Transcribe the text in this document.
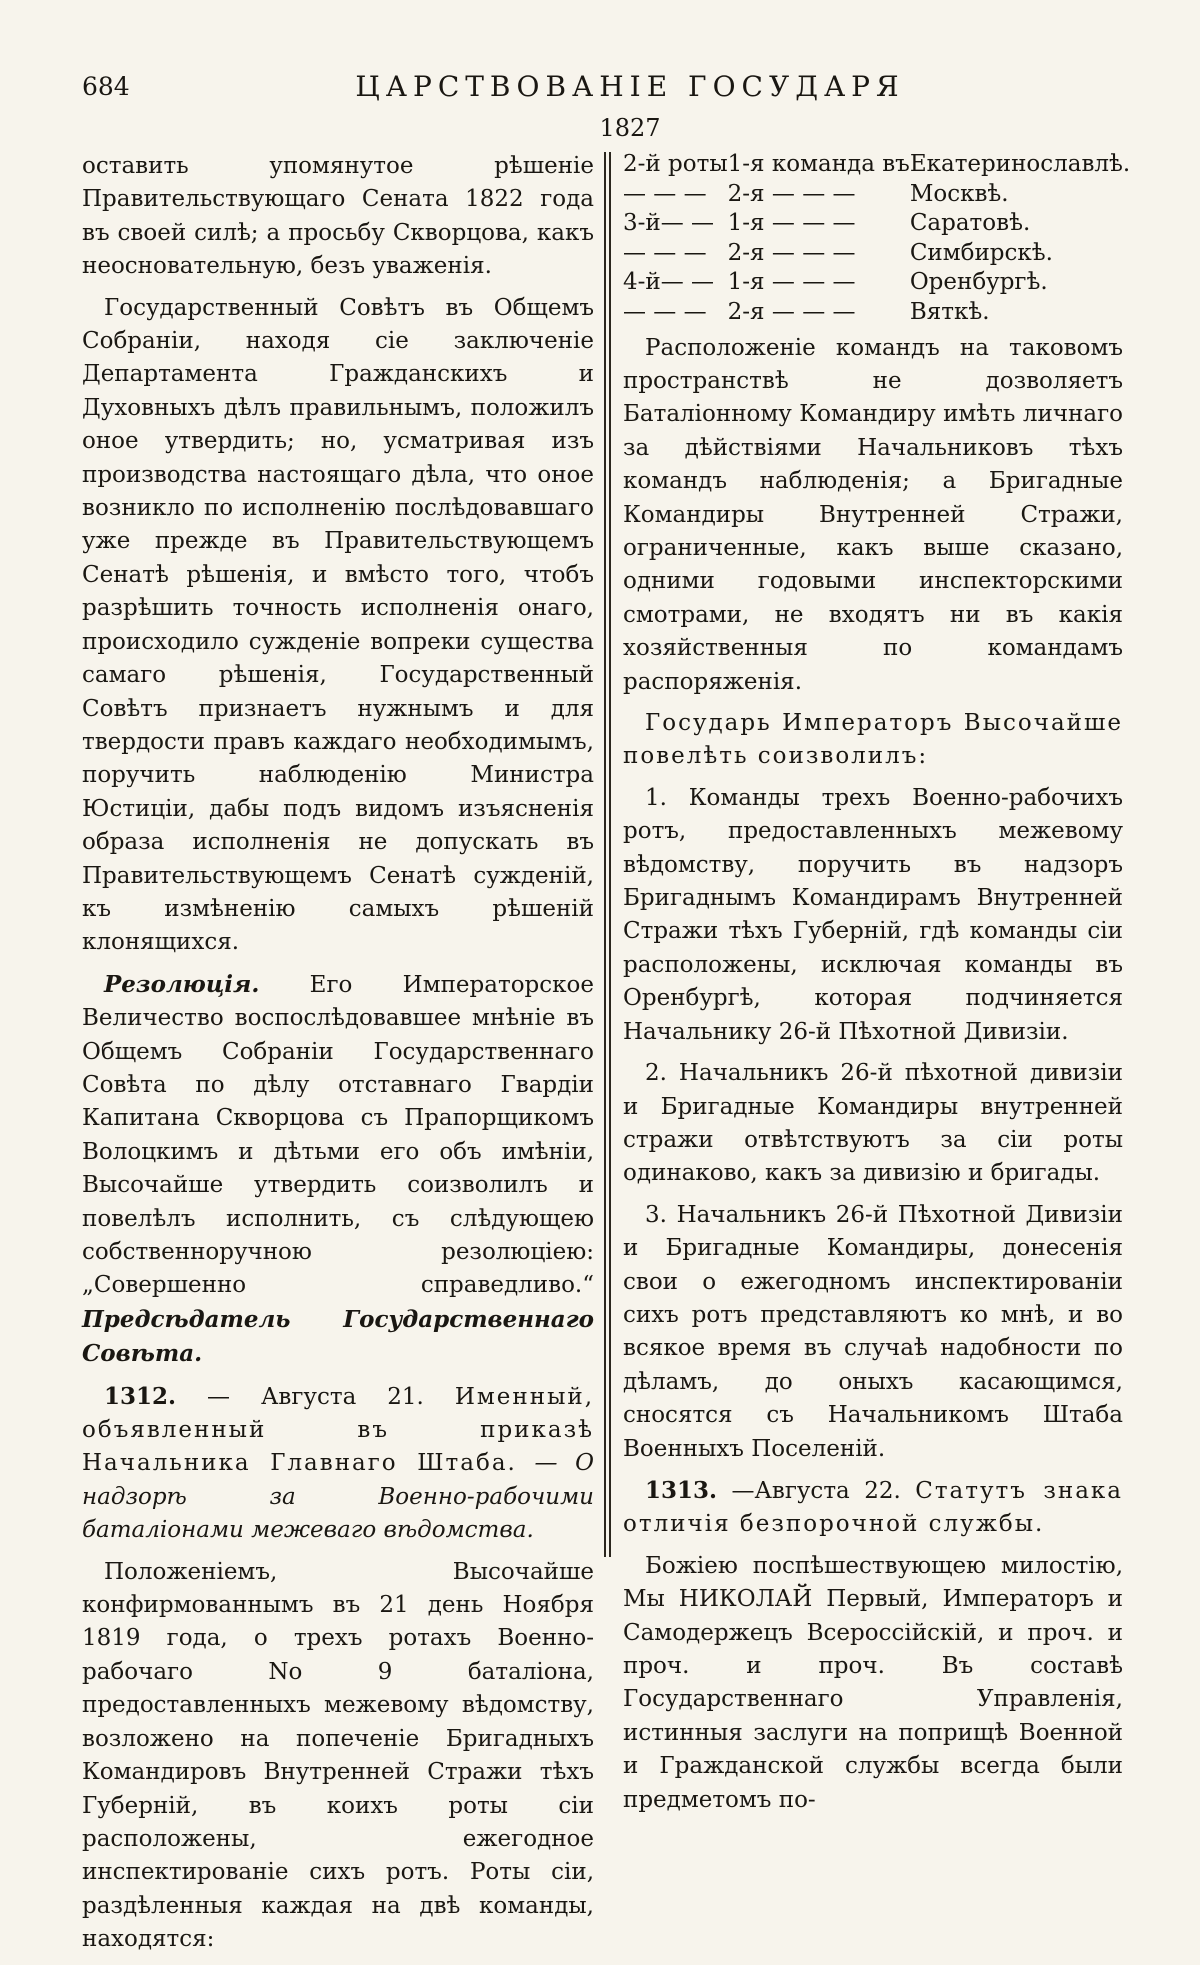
684	ЦАРСТВОВАНІЕ ГОСУДАРЯ
1827

оставить упомянутое рѣшеніе Правительствующаго Сената 1822 года въ своей силѣ; а просьбу Скворцова, какъ неосновательную, безъ уваженія.

Государственный Совѣтъ въ Общемъ Собраніи, находя сіе заключеніе Департамента Гражданскихъ и Духовныхъ дѣлъ правильнымъ, положилъ оное утвердить; но, усматривая изъ производства настоящаго дѣла, что оное возникло по исполненію послѣдовавшаго уже прежде въ Правительствующемъ Сенатѣ рѣшенія, и вмѣсто того, чтобъ разрѣшить точность исполненія онаго, происходило сужденіе вопреки существа самаго рѣшенія, Государственный Совѣтъ признаетъ нужнымъ и для твердости правъ каждаго необходимымъ, поручить наблюденію Министра Юстиціи, дабы подъ видомъ изъясненія образа исполненія не допускать въ Правительствующемъ Сенатѣ сужденій, къ измѣненію самыхъ рѣшеній клонящихся.

Резолюція. Его Императорское Величество воспослѣдовавшее мнѣніе въ Общемъ Собраніи Государственнаго Совѣта по дѣлу отставнаго Гвардіи Капитана Скворцова съ Прапорщикомъ Волоцкимъ и дѣтьми его объ имѣніи, Высочайше утвердить соизволилъ и повелѣлъ исполнить, съ слѣдующею собственноручною резолюціею: „Совершенно справедливо.“ Предсѣдатель Государственнаго Совѣта.

1312. — Августа 21. Именный, объявленный въ приказѣ Начальника Главнаго Штаба. — О надзорѣ за Военно-рабочими баталіонами межеваго вѣдомства.

Положеніемъ, Высочайше конфирмованнымъ въ 21 день Ноября 1819 года, о трехъ ротахъ Военно-рабочаго No 9 баталіона, предоставленныхъ межевому вѣдомству, возложено на попеченіе Бригадныхъ Командировъ Внутренней Стражи тѣхъ Губерній, въ коихъ роты сіи расположены, ежегодное инспектированіе сихъ ротъ. Роты сіи, раздѣленныя каждая на двѣ команды, находятся:

2-й роты	1-я команда въ	Екатеринославлѣ.
— — —	2-я — — —	Москвѣ.
3-й— —	1-я — — —	Саратовѣ.
— — —	2-я — — —	Симбирскѣ.
4-й— —	1-я — — —	Оренбургѣ.
— — —	2-я — — —	Вяткѣ.

Расположеніе командъ на таковомъ пространствѣ не дозволяетъ Баталіонному Командиру имѣть личнаго за дѣйствіями Начальниковъ тѣхъ командъ наблюденія; а Бригадные Командиры Внутренней Стражи, ограниченные, какъ выше сказано, одними годовыми инспекторскими смотрами, не входятъ ни въ какія хозяйственныя по командамъ распоряженія.

Государь Императоръ Высочайше повелѣть соизволилъ:

1. Команды трехъ Военно-рабочихъ ротъ, предоставленныхъ межевому вѣдомству, поручить въ надзоръ Бригаднымъ Командирамъ Внутренней Стражи тѣхъ Губерній, гдѣ команды сіи расположены, исключая команды въ Оренбургѣ, которая подчиняется Начальнику 26-й Пѣхотной Дивизіи.

2. Начальникъ 26-й пѣхотной дивизіи и Бригадные Командиры внутренней стражи отвѣтствуютъ за сіи роты одинаково, какъ за дивизію и бригады.

3. Начальникъ 26-й Пѣхотной Дивизіи и Бригадные Командиры, донесенія свои о ежегодномъ инспектированіи сихъ ротъ представляютъ ко мнѣ, и во всякое время въ случаѣ надобности по дѣламъ, до оныхъ касающимся, сносятся съ Начальникомъ Штаба Военныхъ Поселеній.

1313. —Августа 22. Статутъ знака отличія безпорочной службы.

Божіею поспѣшествующею милостію, Мы НИКОЛАЙ Первый, Императоръ и Самодержецъ Всероссійскій, и проч. и проч. и проч. Въ составѣ Государственнаго Управленія, истинныя заслуги на поприщѣ Военной и Гражданской службы всегда были предметомъ по-
